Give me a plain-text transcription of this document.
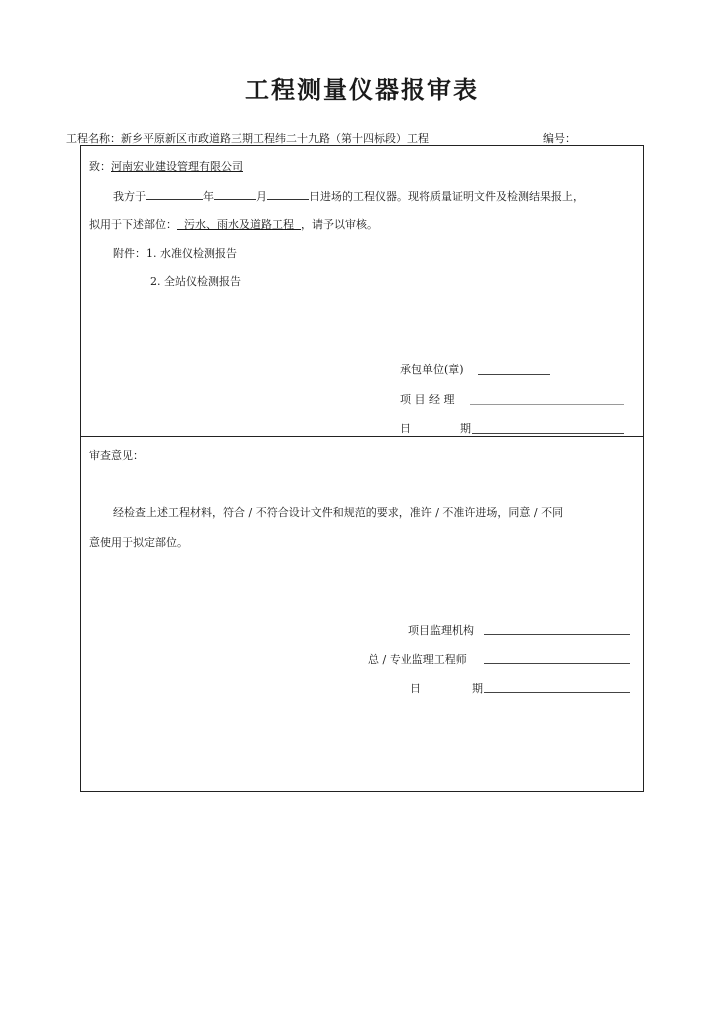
工程测量仪器报审表
工程名称：新乡平原新区市政道路三期工程纬二十九路（第十四标段）工程	编号：
致：河南宏业建设管理有限公司
我方于	年	月	日进场的工程仪器。现将质量证明文件及检测结果报上，
拟用于下述部位：  污水、雨水及道路工程  ，请予以审核。
附件：1. 水准仪检测报告
2. 全站仪检测报告
承包单位(章)
项 目 经 理
日	期
审查意见：
经检查上述工程材料，符合 / 不符合设计文件和规范的要求，准许 / 不准许进场，同意 / 不同
意使用于拟定部位。
项目监理机构
总 / 专业监理工程师
日	期
